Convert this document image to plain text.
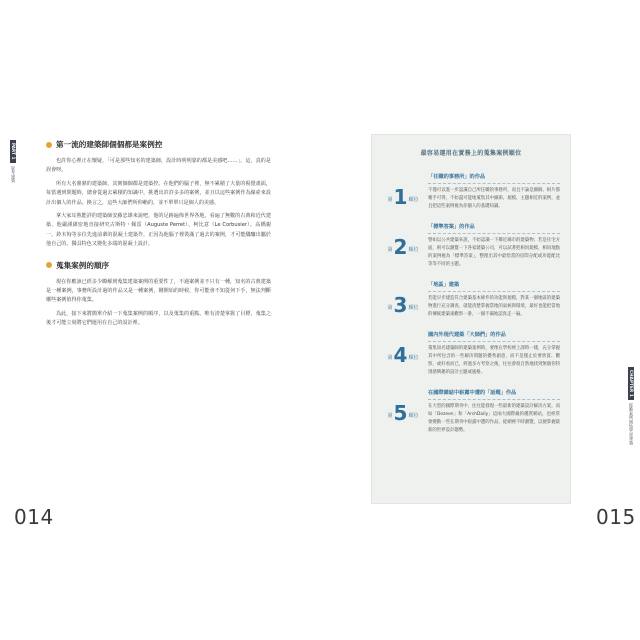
PART 1
思考建築
第一流的建築師個個都是案例控

也許你心裡正在懷疑，「可是那些知名的建築師，設計時明明靠的都是美感吧……」，這，真的是誤會呀。

所有大名鼎鼎的建築師，其實個個都是建築控。在他們的腦子裡，無不累積了大量的視覺畫面，每當遇到問題時，總會從過去累積的知識中，挑選出許許多多的案例，並且以這些案例作為線索來設計出個人的作品。換言之，這些大師們所仰賴的，並不單單只是個人的美感。

拿大家耳熟能詳的建築師安藤忠雄來說吧，他的足跡遍佈世界各地，看遍了無數的古典和近代建築，他嚴謹縝密地直接研究古斯特・佩雷（Auguste Perret）、柯比意（Le Corbusier）、高橋親一、鈴木恂等多位先進前輩的混凝土建築作，正因為他腦子裡裝滿了過去的案例，才可能醞釀出屬於他自己的、獨具特色又變化多端的混凝土設計。

蒐集案例的順序

現在你應該已經多少瞭解到蒐集建築案例的重要性了，不過案例並不只有一種，知名的古典建築是一種案例，事務所設計過的作品又是一種案例，剛開始的時候，你可能會不知從何下手，無法判斷哪些案例值得你蒐集。

為此，接下來將簡單介紹一下蒐集案例的順序，以及蒐集的重點。唯有清楚掌握了目標，蒐集之後才可能立刻將它們運用在自己的設計裡。

014
最容易運用在實務上的蒐集案例順位
第 1 順位
「任職的事務所」的作品
不僅可以進一步認識自己所任職的事務所，而且不論是圖稿、相片都唾手可得，不妨盡可能地蒐集其中細節，規模、主題相近的案例，並且把這些案例視為你個人的基礎知識。
第 2 順位
「標準答案」的作品
譬如以公共建築來說，不妨認識一下鄰近縣市的建築物；若是住宅方面，則可以瀏覽一下各家建築公司，可以試著把相同規模、相同地點的案例視為「標準答案」，整理出其中最恰當的房間分配或功能配比等等不同的主題。
第 3 順位
「地區」建築
若能早步建造符合建築基本條件的功能與規模，對某一個地區的建築物進行充分調查，就能清楚掌握當地的氣候與環境，最好也能把當地的傳統建築東觀察一番，一個不漏地認真走一遍。
第 4 順位
國內外現代建築「大師們」的作品
蒐集知名建築師的建築案例時，要像在學校裡上課時一樣，充分掌握其中所包含的一些解決問題的優秀創意，而不是僅止於要欣賞、觀察，或好看而已，經過多方考察之後，往往會很自然地找到無個你特別感興趣的設計主題或風格。
第 5 順位
在國際雜誌中崭露中遭的「話題」作品
在大型的國際期刊中，往往能發現一些最新的建築設計解決方案，而如「Dezeen」和「ArchDaily」這兩大國際級的優質網站，也經常會變動一些在期刊中崭露中遭的作品，從網裡不時瀏覽，以便掌握最新的世界設計趨勢。
CHAPTER 1
從範案例開始學習建築
015
